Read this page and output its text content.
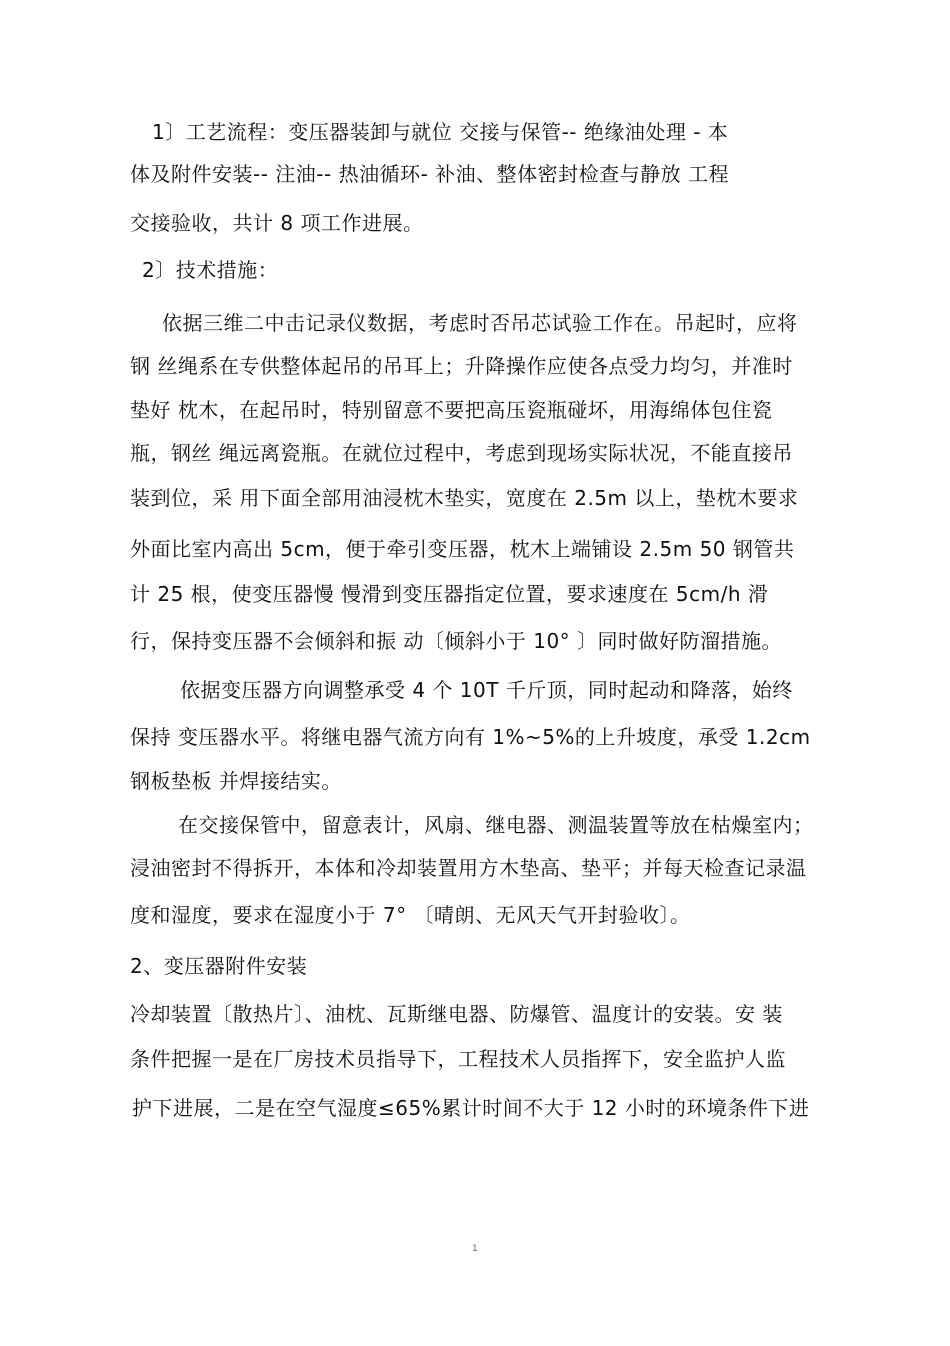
1〕工艺流程：变压器装卸与就位 交接与保管-- 绝缘油处理 - 本
体及附件安装-- 注油-- 热油循环- 补油、整体密封检查与静放 工程
交接验收，共计 8 项工作进展。
2〕技术措施：
依据三维二中击记录仪数据，考虑时否吊芯试验工作在。吊起时，应将
钢 丝绳系在专供整体起吊的吊耳上；升降操作应使各点受力均匀，并准时
垫好 枕木，在起吊时，特别留意不要把高压瓷瓶碰坏，用海绵体包住瓷
瓶，钢丝 绳远离瓷瓶。在就位过程中，考虑到现场实际状况，不能直接吊
装到位，采 用下面全部用油浸枕木垫实，宽度在 2.5m 以上，垫枕木要求
外面比室内高出 5cm，便于牵引变压器，枕木上端铺设 2.5m 50 钢管共
计 25 根，使变压器慢 慢滑到变压器指定位置，要求速度在 5cm/h 滑
行，保持变压器不会倾斜和振 动〔倾斜小于 10° 〕同时做好防溜措施。
依据变压器方向调整承受 4 个 10T 千斤顶，同时起动和降落，始终
保持 变压器水平。将继电器气流方向有 1%~5%的上升坡度，承受 1.2cm
钢板垫板 并焊接结实。
在交接保管中，留意表计，风扇、继电器、测温装置等放在枯燥室内；
浸油密封不得拆开，本体和冷却装置用方木垫高、垫平；并每天检查记录温
度和湿度，要求在湿度小于 7° 〔晴朗、无风天气开封验收〕。
2、变压器附件安装
冷却装置〔散热片〕、油枕、瓦斯继电器、防爆管、温度计的安装。安 装
条件把握一是在厂房技术员指导下，工程技术人员指挥下，安全监护人监
护下进展，二是在空气湿度≤65%累计时间不大于 12 小时的环境条件下进
1
